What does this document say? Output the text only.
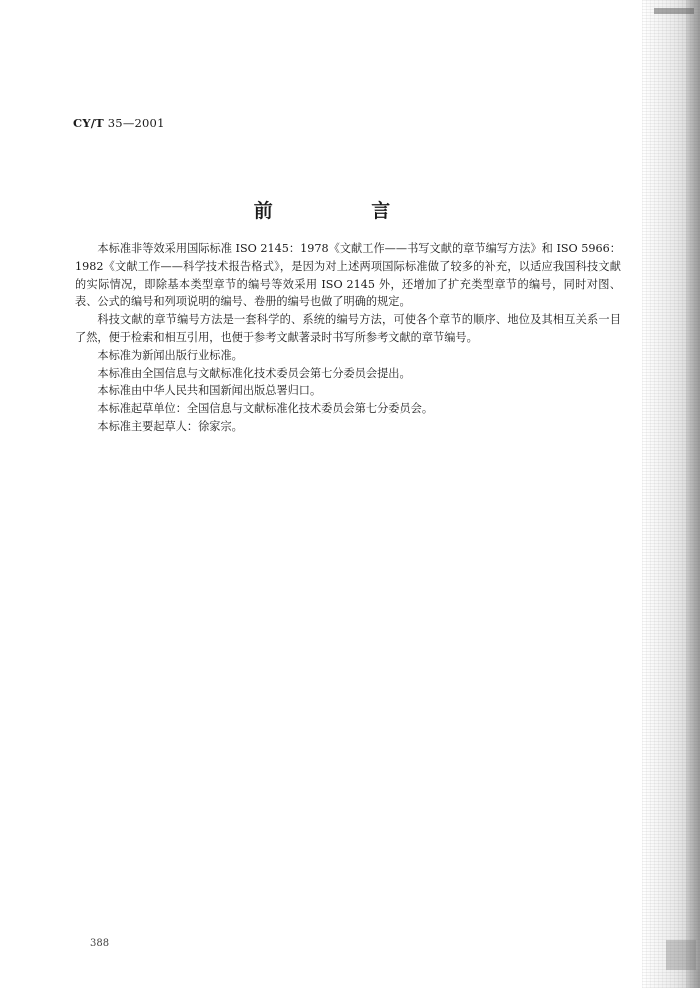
CY/T 35—2001
前 言

本标准非等效采用国际标准 ISO 2145：1978《文献工作——书写文献的章节编写方法》和 ISO 5966：1982《文献工作——科学技术报告格式》，是因为对上述两项国际标准做了较多的补充，以适应我国科技文献的实际情况，即除基本类型章节的编号等效采用 ISO 2145 外，还增加了扩充类型章节的编号，同时对图、表、公式的编号和列项说明的编号、卷册的编号也做了明确的规定。

科技文献的章节编号方法是一套科学的、系统的编号方法，可使各个章节的顺序、地位及其相互关系一目了然，便于检索和相互引用，也便于参考文献著录时书写所参考文献的章节编号。

本标准为新闻出版行业标准。

本标准由全国信息与文献标准化技术委员会第七分委员会提出。

本标准由中华人民共和国新闻出版总署归口。

本标准起草单位：全国信息与文献标准化技术委员会第七分委员会。

本标准主要起草人：徐家宗。

388
